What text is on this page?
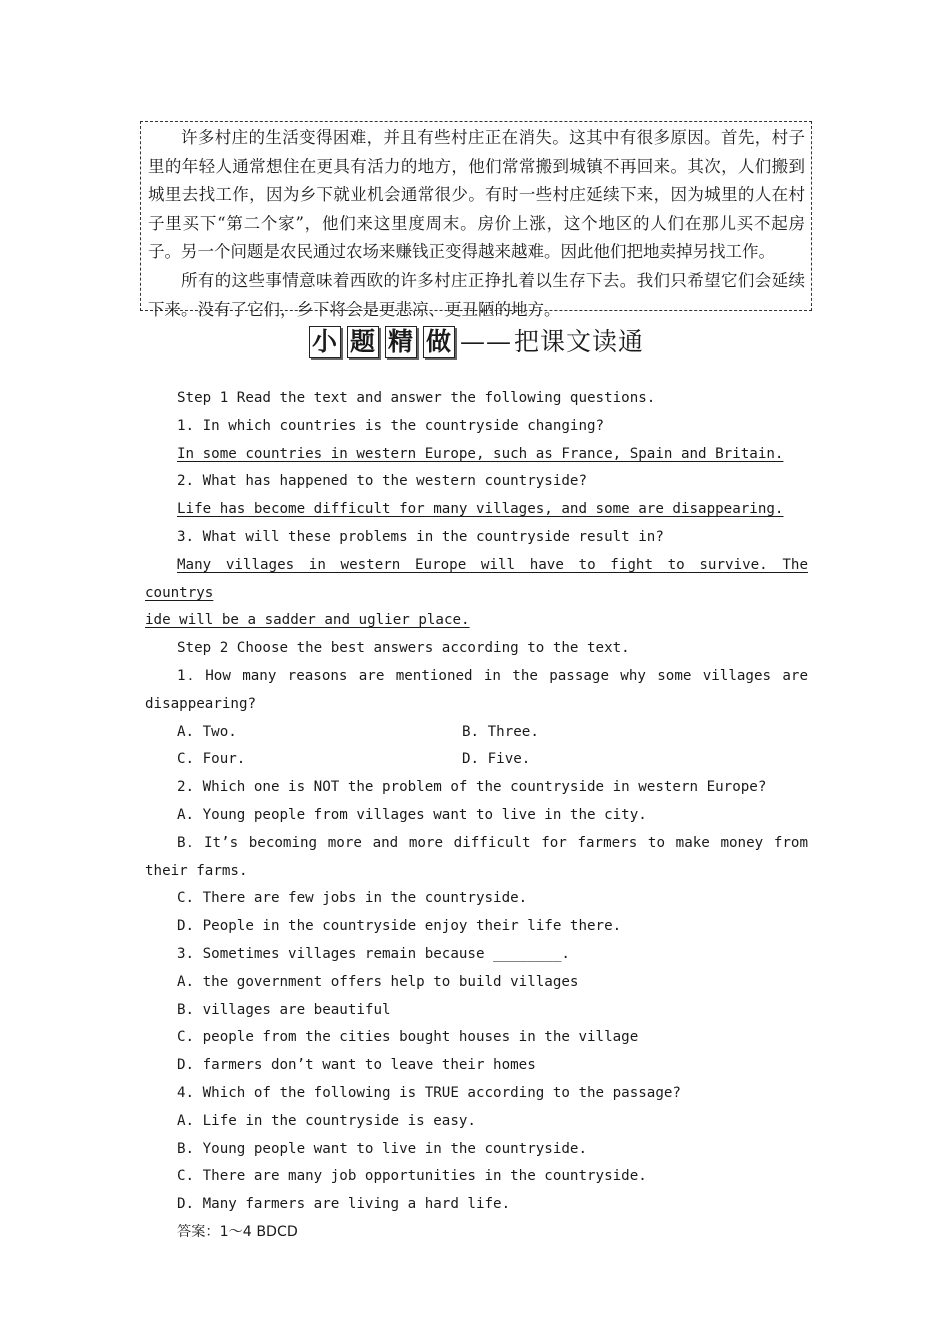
许多村庄的生活变得困难，并且有些村庄正在消失。这其中有很多原因。首先，村子里的年轻人通常想住在更具有活力的地方，他们常常搬到城镇不再回来。其次，人们搬到城里去找工作，因为乡下就业机会通常很少。有时一些村庄延续下来，因为城里的人在村子里买下“第二个家”，他们来这里度周末。房价上涨，这个地区的人们在那儿买不起房子。另一个问题是农民通过农场来赚钱正变得越来越难。因此他们把地卖掉另找工作。

所有的这些事情意味着西欧的许多村庄正挣扎着以生存下去。我们只希望它们会延续下来。没有了它们，乡下将会是更悲凉、更丑陋的地方。

小 题 精 做 ——把课文读通

Step 1 Read the text and answer the following questions.

1. In which countries is the countryside changing?

In some countries in western Europe, such as France, Spain and Britain.

2. What has happened to the western countryside?

Life has become difficult for many villages, and some are disappearing.

3. What will these problems in the countryside result in?

Many villages in western Europe will have to fight to survive. The countrys

ide will be a sadder and uglier place.

Step 2 Choose the best answers according to the text.

1．How many reasons are mentioned in the passage why some villages are disappearing?

A. Two.	B. Three.
C. Four.	D. Five.

2. Which one is NOT the problem of the countryside in western Europe?

A. Young people from villages want to live in the city.

B．It’s becoming more and more difficult for farmers to make money from their farms.

C. There are few jobs in the countryside.

D. People in the countryside enjoy their life there.

3. Sometimes villages remain because ________.

A. the government offers help to build villages

B. villages are beautiful

C. people from the cities bought houses in the village

D. farmers don’t want to leave their homes

4. Which of the following is TRUE according to the passage?

A. Life in the countryside is easy.

B. Young people want to live in the countryside.

C. There are many job opportunities in the countryside.

D. Many farmers are living a hard life.

答案：1～4 BDCD
